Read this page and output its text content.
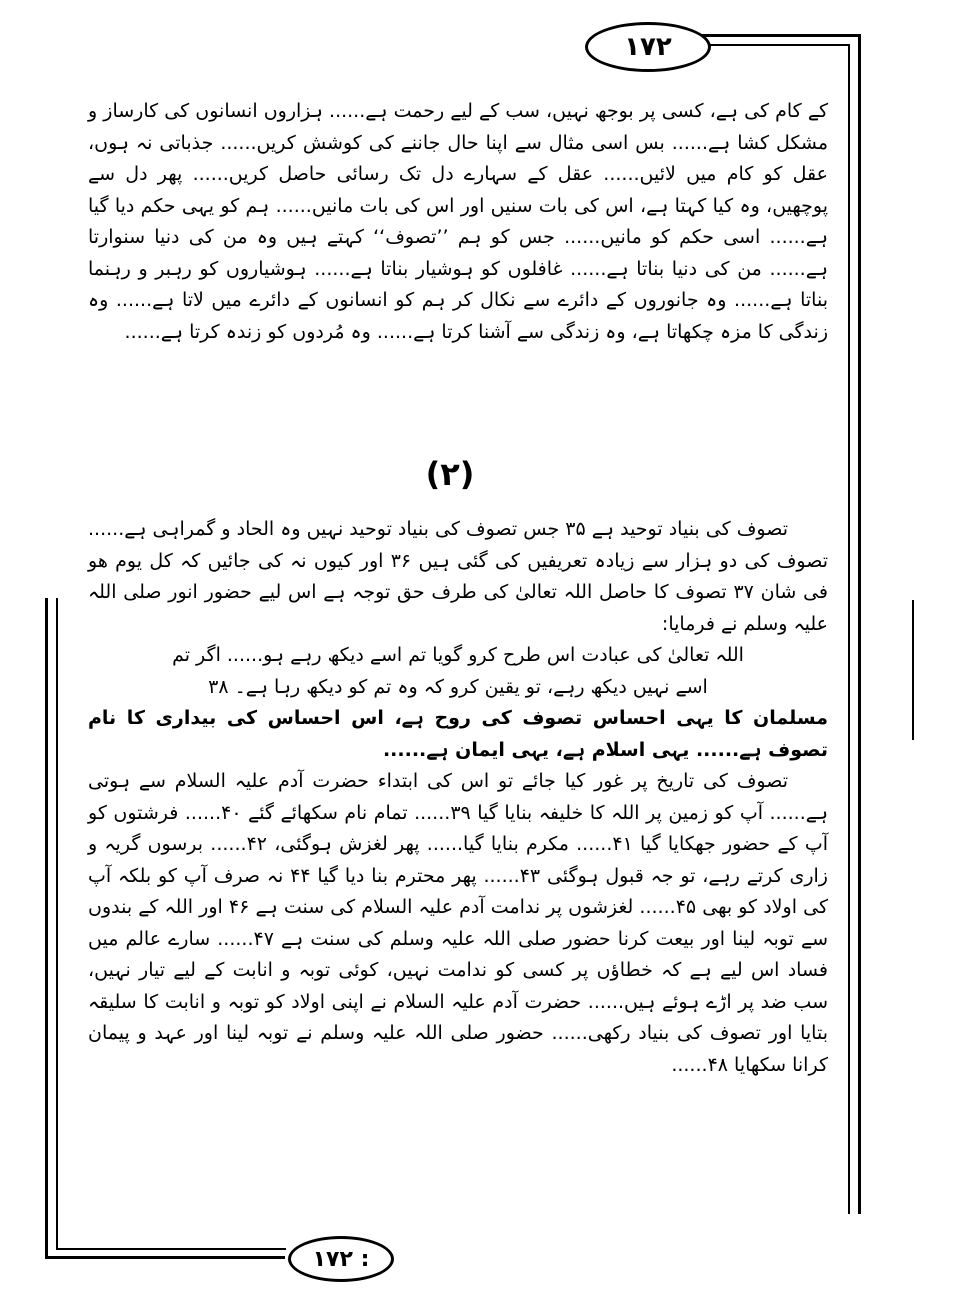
١٧٢

کے کام کی ہے، کسی پر بوجھ نہیں، سب کے لیے رحمت ہے...... ہزاروں انسانوں کی کارساز و مشکل کشا ہے...... بس اسی مثال سے اپنا حال جاننے کی کوشش کریں...... جذباتی نہ ہوں، عقل کو کام میں لائیں...... عقل کے سہارے دل تک رسائی حاصل کریں...... پھر دل سے پوچھیں، وہ کیا کہتا ہے، اس کی بات سنیں اور اس کی بات مانیں...... ہم کو یہی حکم دیا گیا ہے...... اسی حکم کو مانیں...... جس کو ہم ’’تصوف‘‘ کہتے ہیں وہ من کی دنیا سنوارتا ہے...... من کی دنیا بناتا ہے...... غافلوں کو ہوشیار بناتا ہے...... ہوشیاروں کو رہبر و رہنما بناتا ہے...... وہ جانوروں کے دائرے سے نکال کر ہم کو انسانوں کے دائرے میں لاتا ہے...... وہ زندگی کا مزہ چکھاتا ہے، وہ زندگی سے آشنا کرتا ہے...... وہ مُردوں کو زندہ کرتا ہے......

(۲)

تصوف کی بنیاد توحید ہے ۳۵ جس تصوف کی بنیاد توحید نہیں وہ الحاد و گمراہی ہے...... تصوف کی دو ہزار سے زیادہ تعریفیں کی گئی ہیں ۳۶ اور کیوں نہ کی جائیں کہ کل یوم ھو فی شان ۳۷ تصوف کا حاصل اللہ تعالیٰ کی طرف حق توجہ ہے اس لیے حضور انور صلی اللہ علیہ وسلم نے فرمایا:

اللہ تعالیٰ کی عبادت اس طرح کرو گویا تم اسے دیکھ رہے ہو...... اگر تم

اسے نہیں دیکھ رہے، تو یقین کرو کہ وہ تم کو دیکھ رہا ہے۔ ۳۸

مسلمان کا یہی احساس تصوف کی روح ہے، اس احساس کی بیداری کا نام تصوف ہے...... یہی اسلام ہے، یہی ایمان ہے......

تصوف کی تاریخ پر غور کیا جائے تو اس کی ابتداء حضرت آدم علیہ السلام سے ہوتی ہے...... آپ کو زمین پر اللہ کا خلیفہ بنایا گیا ۳۹...... تمام نام سکھائے گئے ۴۰...... فرشتوں کو آپ کے حضور جھکایا گیا ۴۱...... مکرم بنایا گیا...... پھر لغزش ہوگئی، ۴۲...... برسوں گریہ و زاری کرتے رہے، تو جہ قبول ہوگئی ۴۳...... پھر محترم بنا دیا گیا ۴۴ نہ صرف آپ کو بلکہ آپ کی اولاد کو بھی ۴۵...... لغزشوں پر ندامت آدم علیہ السلام کی سنت ہے ۴۶ اور اللہ کے بندوں سے توبہ لینا اور بیعت کرنا حضور صلی اللہ علیہ وسلم کی سنت ہے ۴۷...... سارے عالم میں فساد اس لیے ہے کہ خطاؤں پر کسی کو ندامت نہیں، کوئی توبہ و انابت کے لیے تیار نہیں، سب ضد پر اڑے ہوئے ہیں...... حضرت آدم علیہ السلام نے اپنی اولاد کو توبہ و انابت کا سلیقہ بتایا اور تصوف کی بنیاد رکھی...... حضور صلی اللہ علیہ وسلم نے توبہ لینا اور عہد و پیمان کرانا سکھایا ۴۸......

١٧٢ :
